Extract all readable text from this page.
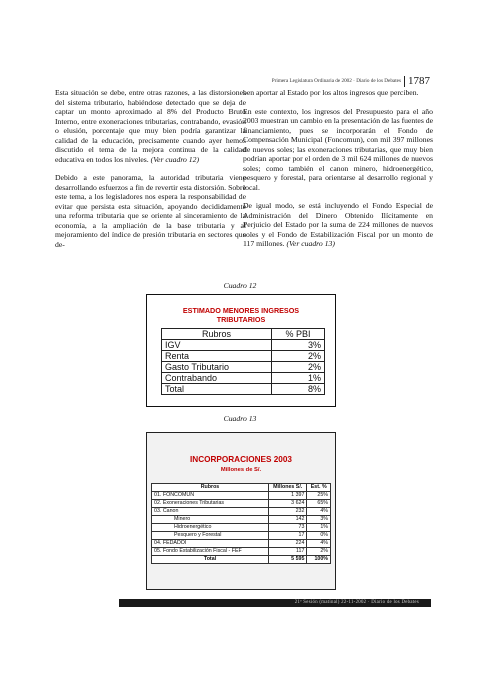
Primera Legislatura Ordinaria de 2002 · Diario de los Debates 1787

Esta situación se debe, entre otras razones, a las distorsiones del sistema tributario, habiéndose detectado que se deja de captar un monto aproximado al 8% del Producto Bruto Interno, entre exoneraciones tributarias, contrabando, evasión o elusión, porcentaje que muy bien podría garantizar la calidad de la educación, precisamente cuando ayer hemos discutido el tema de la mejora continua de la calidad educativa en todos los niveles. (Ver cuadro 12)

Debido a este panorama, la autoridad tributaria viene desarrollando esfuerzos a fin de revertir esta distorsión. Sobre este tema, a los legisladores nos espera la responsabilidad de evitar que persista esta situación, apoyando decididamente una reforma tributaria que se oriente al sinceramiento de la economía, a la ampliación de la base tributaria y al mejoramiento del índice de presión tributaria en sectores que de-

ben aportar al Estado por los altos ingresos que perciben.

En este contexto, los ingresos del Presupuesto para el año 2003 muestran un cambio en la presentación de las fuentes de financiamiento, pues se incorporarán el Fondo de Compensación Municipal (Foncomun), con mil 397 millones de nuevos soles; las exoneraciones tributarias, que muy bien podrían aportar por el orden de 3 mil 624 millones de nuevos soles; como también el canon minero, hidroenergético, pesquero y forestal, para orientarse al desarrollo regional y local.

De igual modo, se está incluyendo el Fondo Especial de Administración del Dinero Obtenido Ilícitamente en Perjuicio del Estado por la suma de 224 millones de nuevos soles y el Fondo de Estabilización Fiscal por un monto de 117 millones. (Ver cuadro 13)

Cuadro 12
ESTIMADO MENORES INGRESOS
TRIBUTARIOS
Rubros	% PBI
IGV	3%
Renta	2%
Gasto Tributario	2%
Contrabando	1%
Total	8%
Cuadro 13
INCORPORACIONES 2003
Millones de S/.
Rubros	Millones S/.	Est. %
01. FONCOMUN	1 397	25%
02. Exoneraciones Tributarias	3 624	65%
03. Canon	232	4%
Minero	142	3%
Hidroenergético	73	1%
Pesquero y Forestal	17	0%
04. FEDADOI	224	4%
05. Fondo Estabilización Fiscal - FEF	117	2%
Total	5 595	100%
21ª Sesión (matinal) 22-11-2002 · Diario de los Debates
